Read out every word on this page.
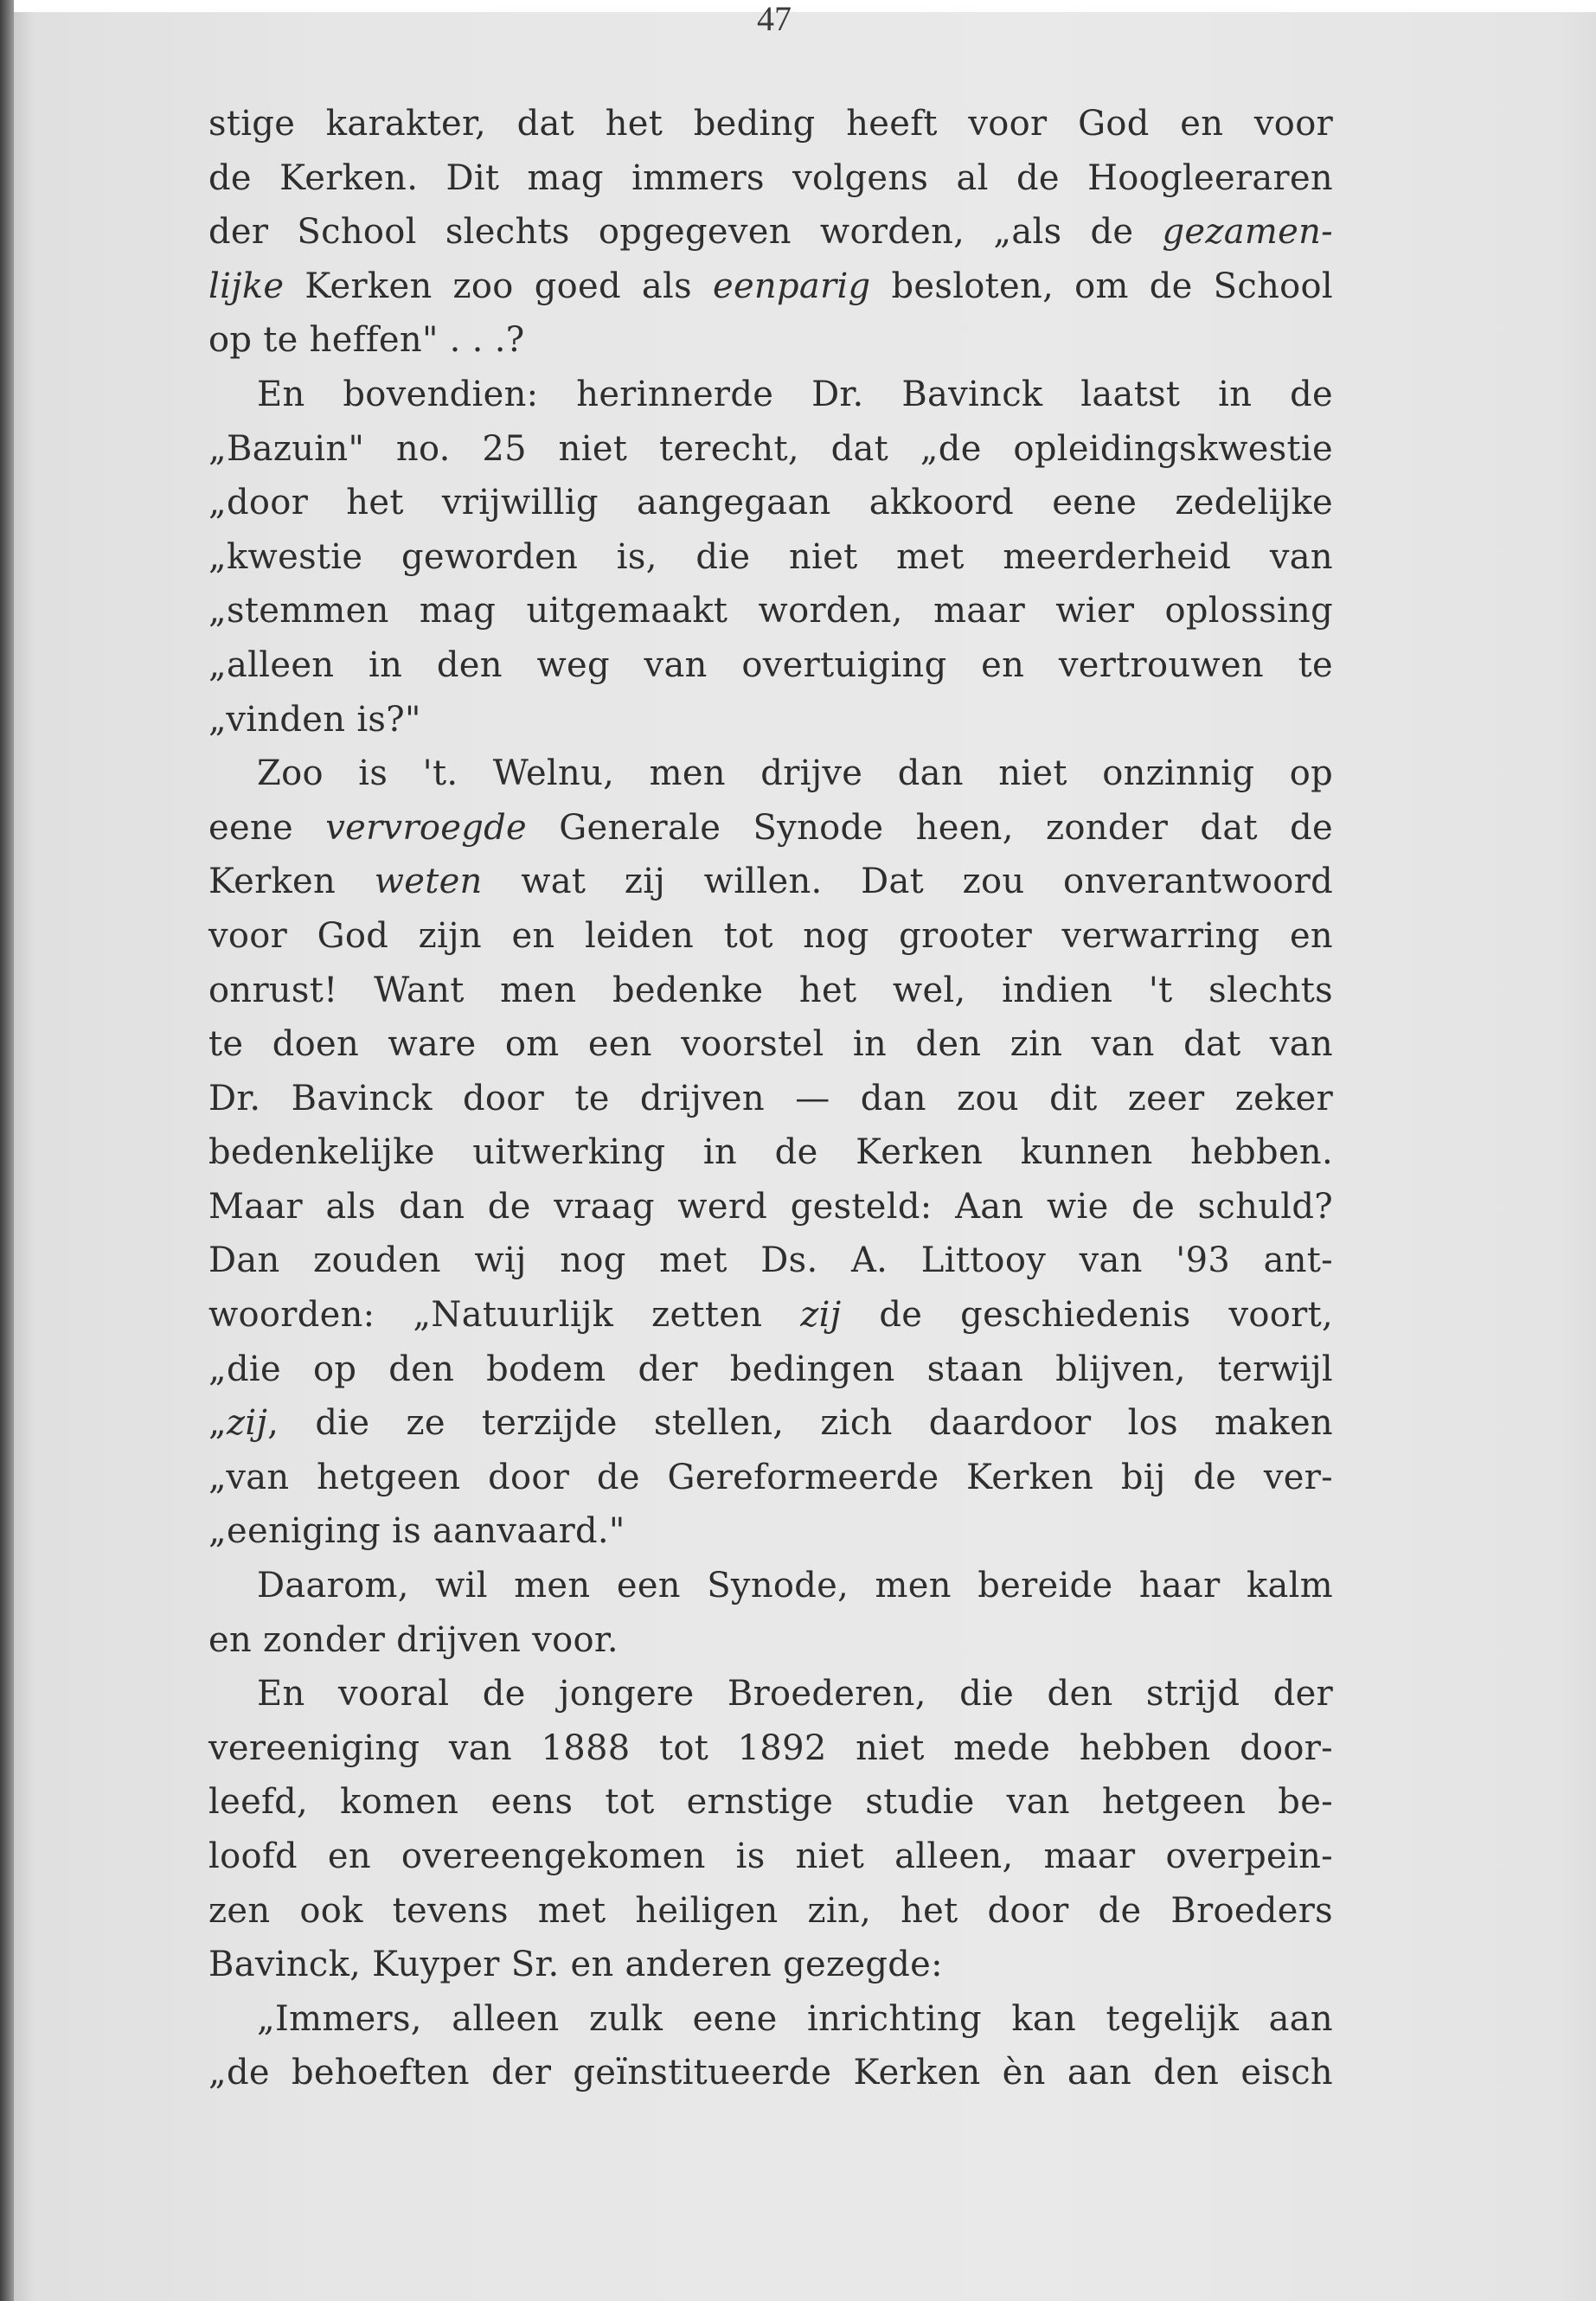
47
stige karakter, dat het beding heeft voor God en voor
de Kerken. Dit mag immers volgens al de Hoogleeraren
der School slechts opgegeven worden, „als de gezamen-
lijke Kerken zoo goed als eenparig besloten, om de School
op te heffen" . . .?
En bovendien: herinnerde Dr. Bavinck laatst in de
„Bazuin" no. 25 niet terecht, dat „de opleidingskwestie
„door het vrijwillig aangegaan akkoord eene zedelijke
„kwestie geworden is, die niet met meerderheid van
„stemmen mag uitgemaakt worden, maar wier oplossing
„alleen in den weg van overtuiging en vertrouwen te
„vinden is?"
Zoo is 't. Welnu, men drijve dan niet onzinnig op
eene vervroegde Generale Synode heen, zonder dat de
Kerken weten wat zij willen. Dat zou onverantwoord
voor God zijn en leiden tot nog grooter verwarring en
onrust! Want men bedenke het wel, indien 't slechts
te doen ware om een voorstel in den zin van dat van
Dr. Bavinck door te drijven — dan zou dit zeer zeker
bedenkelijke uitwerking in de Kerken kunnen hebben.
Maar als dan de vraag werd gesteld: Aan wie de schuld?
Dan zouden wij nog met Ds. A. Littooy van '93 ant-
woorden: „Natuurlijk zetten zij de geschiedenis voort,
„die op den bodem der bedingen staan blijven, terwijl
„zij, die ze terzijde stellen, zich daardoor los maken
„van hetgeen door de Gereformeerde Kerken bij de ver-
„eeniging is aanvaard."
Daarom, wil men een Synode, men bereide haar kalm
en zonder drijven voor.
En vooral de jongere Broederen, die den strijd der
vereeniging van 1888 tot 1892 niet mede hebben door-
leefd, komen eens tot ernstige studie van hetgeen be-
loofd en overeengekomen is niet alleen, maar overpein-
zen ook tevens met heiligen zin, het door de Broeders
Bavinck, Kuyper Sr. en anderen gezegde:
„Immers, alleen zulk eene inrichting kan tegelijk aan
„de behoeften der geïnstitueerde Kerken èn aan den eisch
